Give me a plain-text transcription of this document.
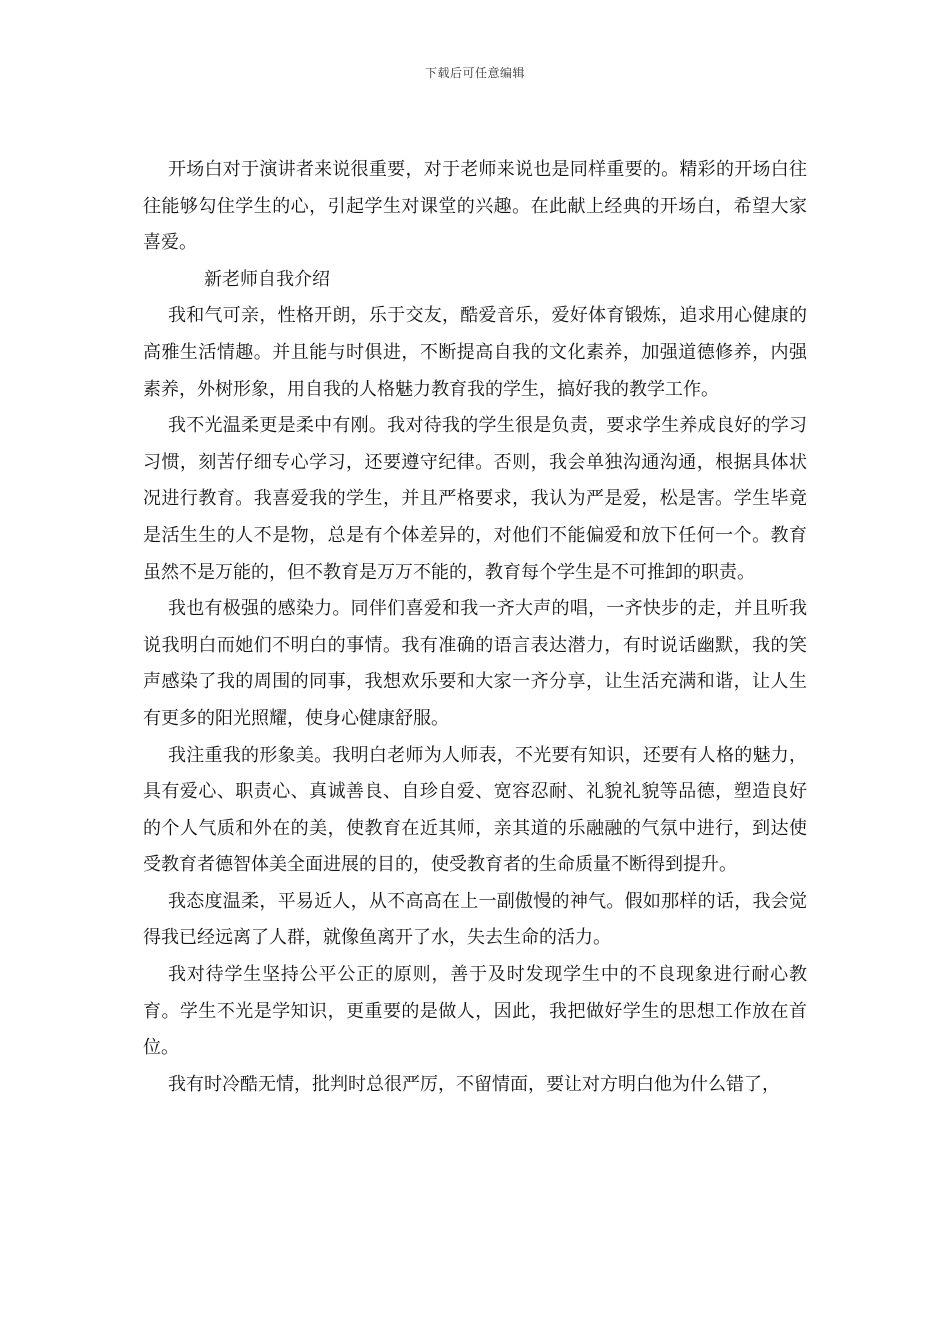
下载后可任意编辑

开场白对于演讲者来说很重要，对于老师来说也是同样重要的。精彩的开场白往往能够勾住学生的心，引起学生对课堂的兴趣。在此献上经典的开场白，希望大家喜爱。

新老师自我介绍

我和气可亲，性格开朗，乐于交友，酷爱音乐，爱好体育锻炼，追求用心健康的高雅生活情趣。并且能与时俱进，不断提高自我的文化素养，加强道德修养，内强素养，外树形象，用自我的人格魅力教育我的学生，搞好我的教学工作。

我不光温柔更是柔中有刚。我对待我的学生很是负责，要求学生养成良好的学习习惯，刻苦仔细专心学习，还要遵守纪律。否则，我会单独沟通沟通，根据具体状况进行教育。我喜爱我的学生，并且严格要求，我认为严是爱，松是害。学生毕竟是活生生的人不是物，总是有个体差异的，对他们不能偏爱和放下任何一个。教育虽然不是万能的，但不教育是万万不能的，教育每个学生是不可推卸的职责。

我也有极强的感染力。同伴们喜爱和我一齐大声的唱，一齐快步的走，并且听我说我明白而她们不明白的事情。我有准确的语言表达潜力，有时说话幽默，我的笑声感染了我的周围的同事，我想欢乐要和大家一齐分享，让生活充满和谐，让人生有更多的阳光照耀，使身心健康舒服。

我注重我的形象美。我明白老师为人师表，不光要有知识，还要有人格的魅力，具有爱心、职责心、真诚善良、自珍自爱、宽容忍耐、礼貌礼貌等品德，塑造良好的个人气质和外在的美，使教育在近其师，亲其道的乐融融的气氛中进行，到达使受教育者德智体美全面进展的目的，使受教育者的生命质量不断得到提升。

我态度温柔，平易近人，从不高高在上一副傲慢的神气。假如那样的话，我会觉得我已经远离了人群，就像鱼离开了水，失去生命的活力。

我对待学生坚持公平公正的原则，善于及时发现学生中的不良现象进行耐心教育。学生不光是学知识，更重要的是做人，因此，我把做好学生的思想工作放在首位。

我有时冷酷无情，批判时总很严厉，不留情面，要让对方明白他为什么错了，
